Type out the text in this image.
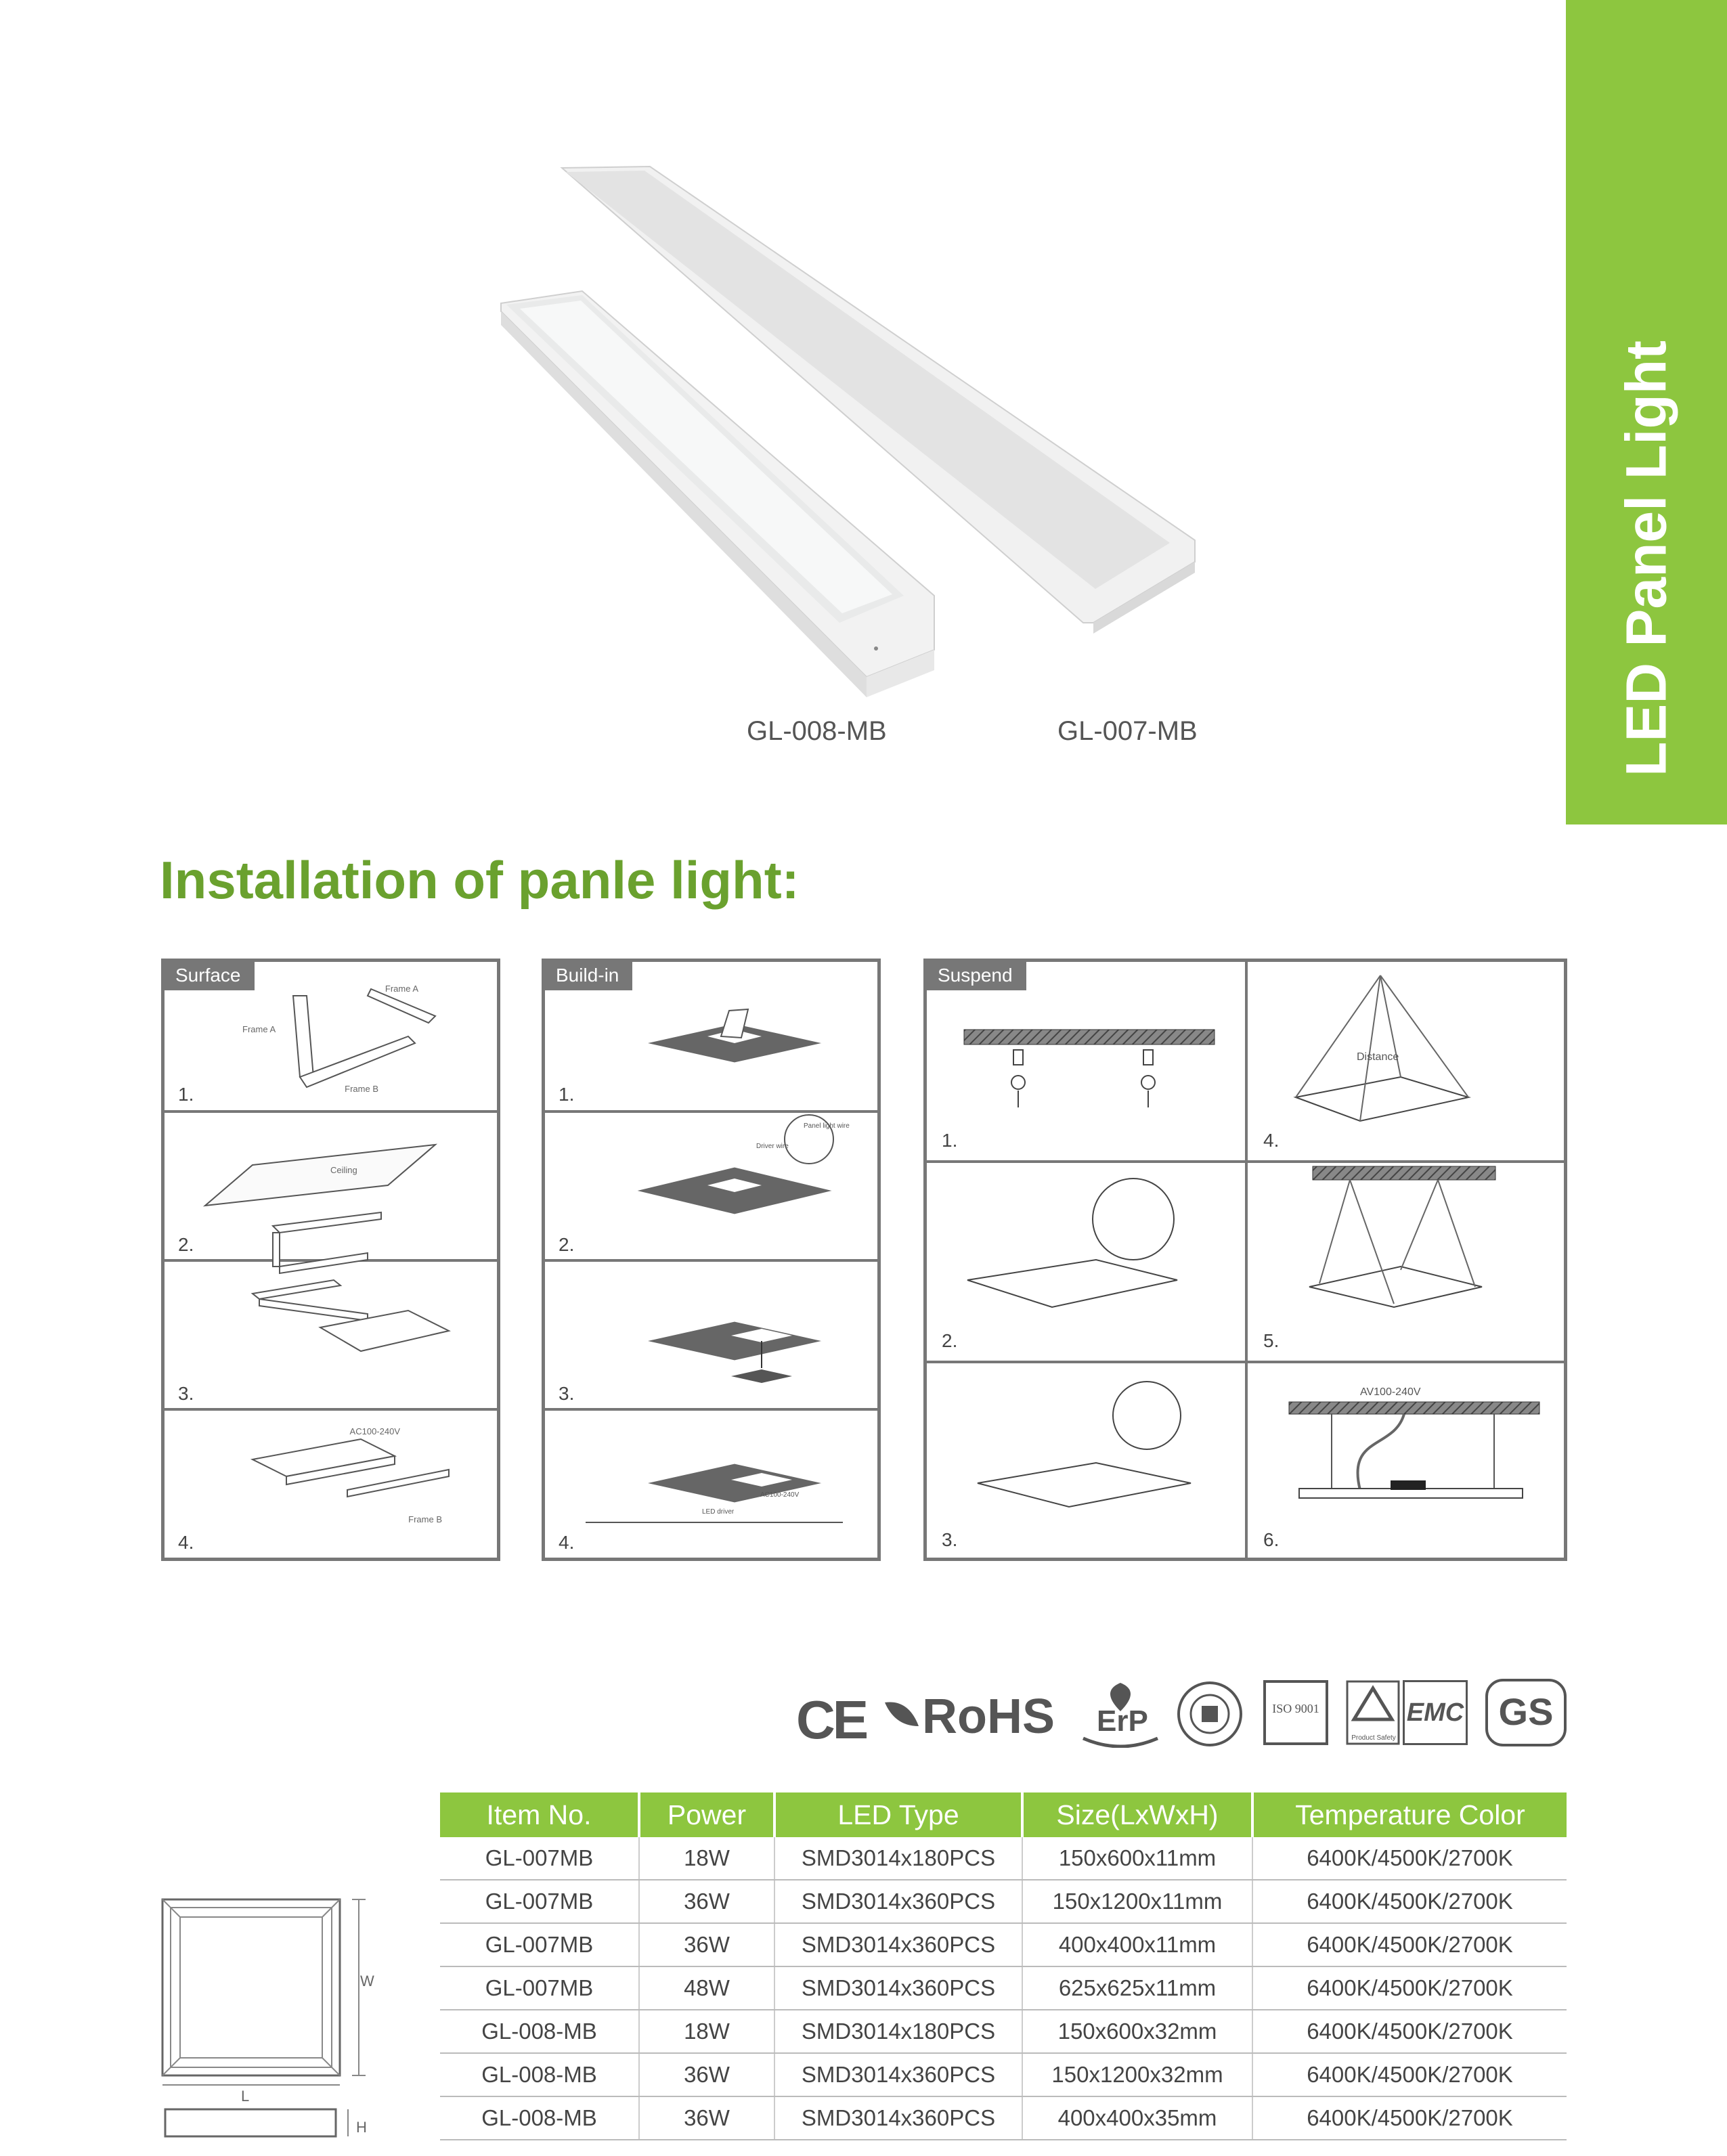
LED Panel Light
GL-008-MB	GL-007-MB
Installation of panle light:
Surface
1.
2.
3.
4.
Frame A
Frame A
Frame B
Ceiling
AC100-240V
Frame B
Build-in
1.
2.
3.
4.
Panel light wire
Driver wire
AC100-240V
LED driver
Suspend
1.
2.
3.
4.
5.
6.
Distance
AV100-240V
CE RoHS ErP	ISO 9001
Product Safety
EMC GS
W
L
H
Item No.	Power	LED Type	Size(LxWxH)	Temperature Color
GL-007MB	18W	SMD3014x180PCS	150x600x11mm	6400K/4500K/2700K
GL-007MB	36W	SMD3014x360PCS	150x1200x11mm	6400K/4500K/2700K
GL-007MB	36W	SMD3014x360PCS	400x400x11mm	6400K/4500K/2700K
GL-007MB	48W	SMD3014x360PCS	625x625x11mm	6400K/4500K/2700K
GL-008-MB	18W	SMD3014x180PCS	150x600x32mm	6400K/4500K/2700K
GL-008-MB	36W	SMD3014x360PCS	150x1200x32mm	6400K/4500K/2700K
GL-008-MB	36W	SMD3014x360PCS	400x400x35mm	6400K/4500K/2700K
